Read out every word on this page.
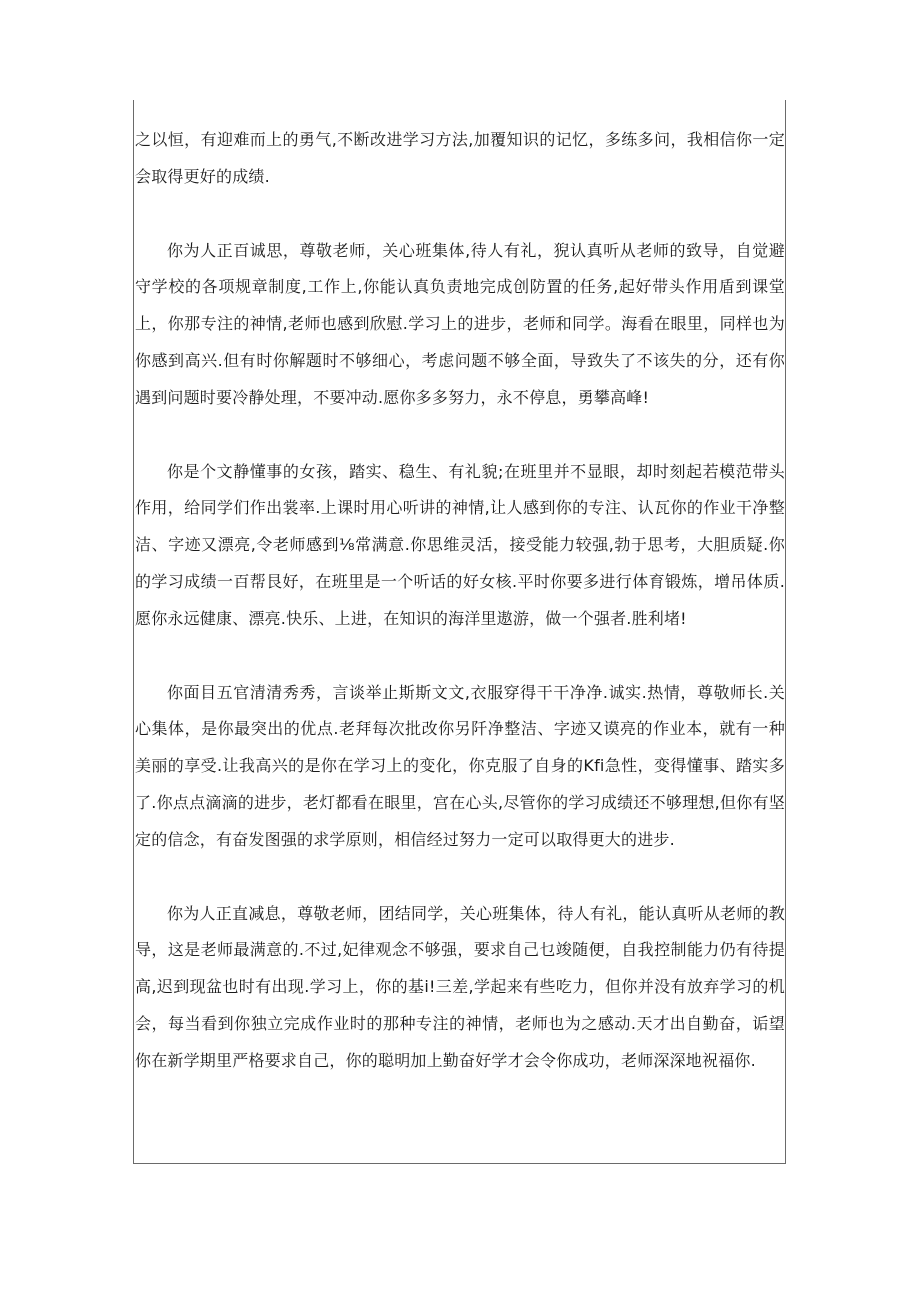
之以恒，有迎难而上的勇气,不断改进学习方法,加覆知识的记忆，多练多问，我相信你一定会取得更好的成绩.

你为人正百诚思，尊敬老师，关心班集体,待人有礼，猊认真听从老师的致导，自觉避守学校的各项规章制度,工作上,你能认真负责地完成创防置的任务,起好带头作用盾到课堂上，你那专注的神情,老师也感到欣慰.学习上的进步，老师和同学。海看在眼里，同样也为你感到高兴.但有时你解题时不够细心，考虑问题不够全面，导致失了不该失的分，还有你遇到问题时要冷静处理，不要冲动.愿你多多努力，永不停息，勇攀高峰!

你是个文静懂事的女孩，踏实、稳生、有礼貌;在班里并不显眼，却时刻起若模范带头作用，给同学们作出裳率.上课时用心听讲的神情,让人感到你的专注、认瓦你的作业干净整洁、字迹又漂亮,令老师感到⅛常满意.你思维灵活，接受能力较强,勃于思考，大胆质疑.你的学习成绩一百帮艮好，在班里是一个听话的好女核.平时你要多进行体育锻炼，增吊体质.愿你永远健康、漂亮.快乐、上进，在知识的海洋里遨游，做一个强者.胜利堵!

你面目五官清清秀秀，言谈举止斯斯文文,衣服穿得干干净净.诚实.热情，尊敬师长.关心集体，是你最突出的优点.老拜每次批改你另阡净整洁、字迹又谟亮的作业本，就有一种美丽的享受.让我高兴的是你在学习上的变化，你克服了自身的Kfi急性，变得懂事、踏实多了.你点点滴滴的进步，老灯都看在眼里，宫在心头,尽管你的学习成绩还不够理想,但你有坚定的信念，有奋发图强的求学原则，相信经过努力一定可以取得更大的进步.

你为人正直减息，尊敬老师，团结同学，关心班集体，待人有礼，能认真听从老师的教导，这是老师最满意的.不过,妃律观念不够强，要求自己乜竣随便，自我控制能力仍有待提高,迟到现盆也时有出现.学习上，你的基i!三差,学起来有些吃力，但你并没有放弃学习的机会，每当看到你独立完成作业时的那种专注的神情，老师也为之感动.天才出自勤奋，诟望你在新学期里严格要求自己，你的聪明加上勤奋好学才会令你成功，老师深深地祝福你.
